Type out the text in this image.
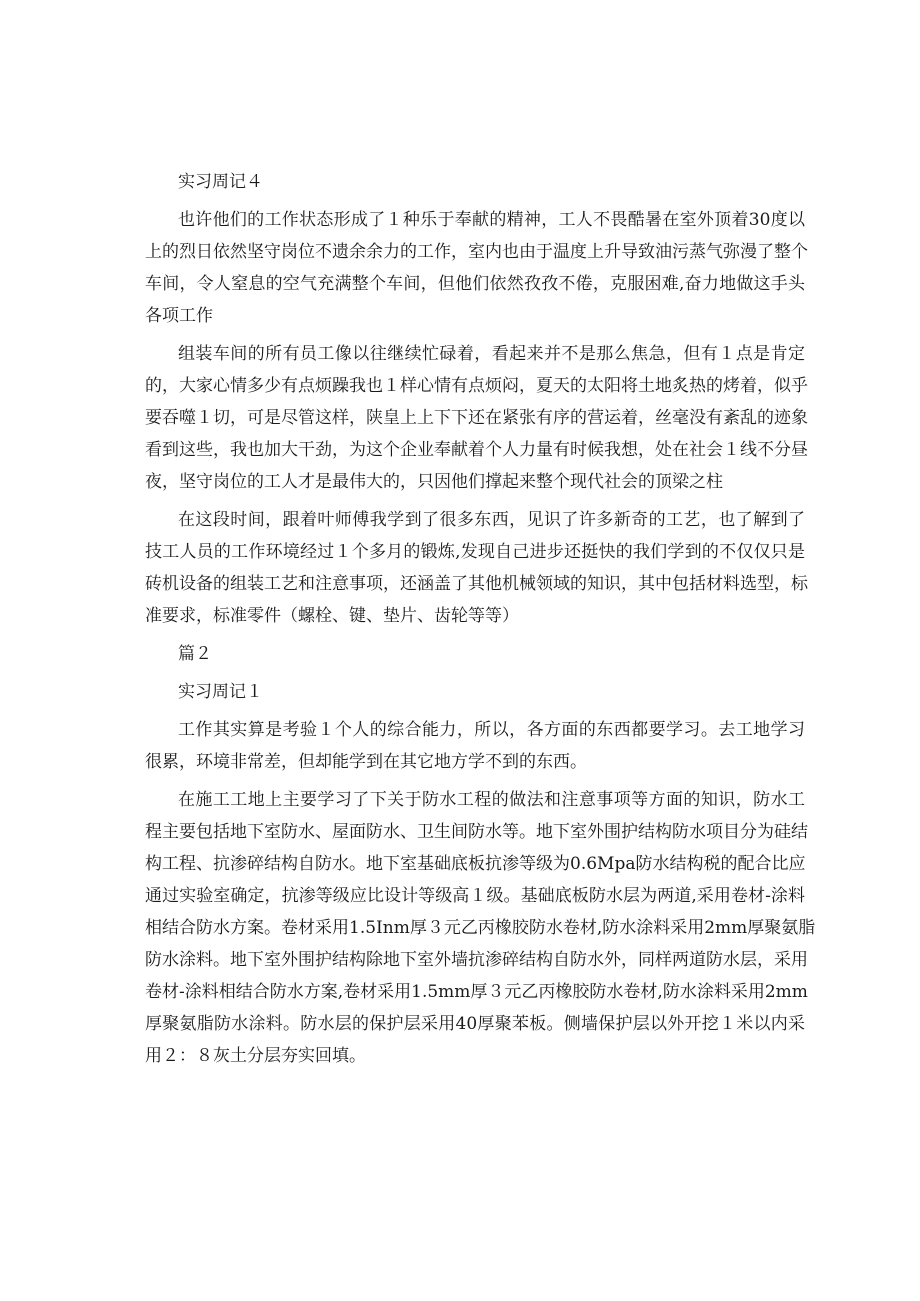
实习周记４

也许他们的工作状态形成了１种乐于奉献的精神，工人不畏酷暑在室外顶着30度以
上的烈日依然坚守岗位不遗余余力的工作，室内也由于温度上升导致油污蒸气弥漫了整个
车间，令人窒息的空气充满整个车间，但他们依然孜孜不倦，克服困难,奋力地做这手头
各项工作

组装车间的所有员工像以往继续忙碌着，看起来并不是那么焦急，但有１点是肯定
的，大家心情多少有点烦躁我也１样心情有点烦闷，夏天的太阳将土地炙热的烤着，似乎
要吞噬１切，可是尽管这样，陕皇上上下下还在紧张有序的营运着，丝毫没有紊乱的迹象
看到这些，我也加大干劲，为这个企业奉献着个人力量有时候我想，处在社会１线不分昼
夜，坚守岗位的工人才是最伟大的，只因他们撑起来整个现代社会的顶梁之柱

在这段时间，跟着叶师傅我学到了很多东西，见识了许多新奇的工艺，也了解到了
技工人员的工作环境经过１个多月的锻炼,发现自己进步还挺快的我们学到的不仅仅只是
砖机设备的组装工艺和注意事项，还涵盖了其他机械领域的知识，其中包括材料选型，标
准要求，标准零件（螺栓、键、垫片、齿轮等等）

篇２

实习周记１

工作其实算是考验１个人的综合能力，所以，各方面的东西都要学习。去工地学习
很累，环境非常差，但却能学到在其它地方学不到的东西。

在施工工地上主要学习了下关于防水工程的做法和注意事项等方面的知识，防水工
程主要包括地下室防水、屋面防水、卫生间防水等。地下室外围护结构防水项目分为硅结
构工程、抗渗碎结构自防水。地下室基础底板抗渗等级为0.6Mpa防水结构税的配合比应
通过实验室确定，抗渗等级应比设计等级高１级。基础底板防水层为两道,采用卷材-涂料
相结合防水方案。卷材采用1.5Inm厚３元乙丙橡胶防水卷材,防水涂料采用2mm厚聚氨脂
防水涂料。地下室外围护结构除地下室外墙抗渗碎结构自防水外，同样两道防水层，采用
卷材-涂料相结合防水方案,卷材采用1.5mm厚３元乙丙橡胶防水卷材,防水涂料采用2mm
厚聚氨脂防水涂料。防水层的保护层采用40厚聚苯板。侧墙保护层以外开挖１米以内采
用２：８灰土分层夯实回填。
